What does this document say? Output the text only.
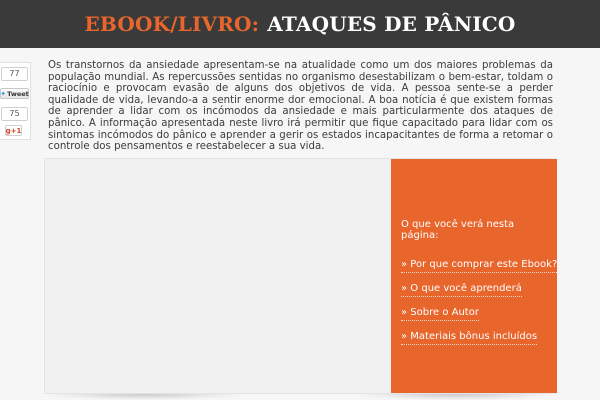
EBOOK/LIVRO: ATAQUES DE PÂNICO
77
✦ Tweet
75
g+1

Os transtornos da ansiedade apresentam-se na atualidade como um dos maiores problemas da população mundial. As repercussões sentidas no organismo desestabilizam o bem-estar, toldam o raciocínio e provocam evasão de alguns dos objetivos de vida. A pessoa sente-se a perder qualidade de vida, levando-a a sentir enorme dor emocional. A boa notícia é que existem formas de aprender a lidar com os incómodos da ansiedade e mais particularmente dos ataques de pânico. A informação apresentada neste livro irá permitir que fique capacitado para lidar com os sintomas incómodos do pânico e aprender a gerir os estados incapacitantes de forma a retomar o controle dos pensamentos e reestabelecer a sua vida.

O que você verá nesta página:
» Por que comprar este Ebook?
» O que você aprenderá
» Sobre o Autor
» Materiais bônus incluídos
